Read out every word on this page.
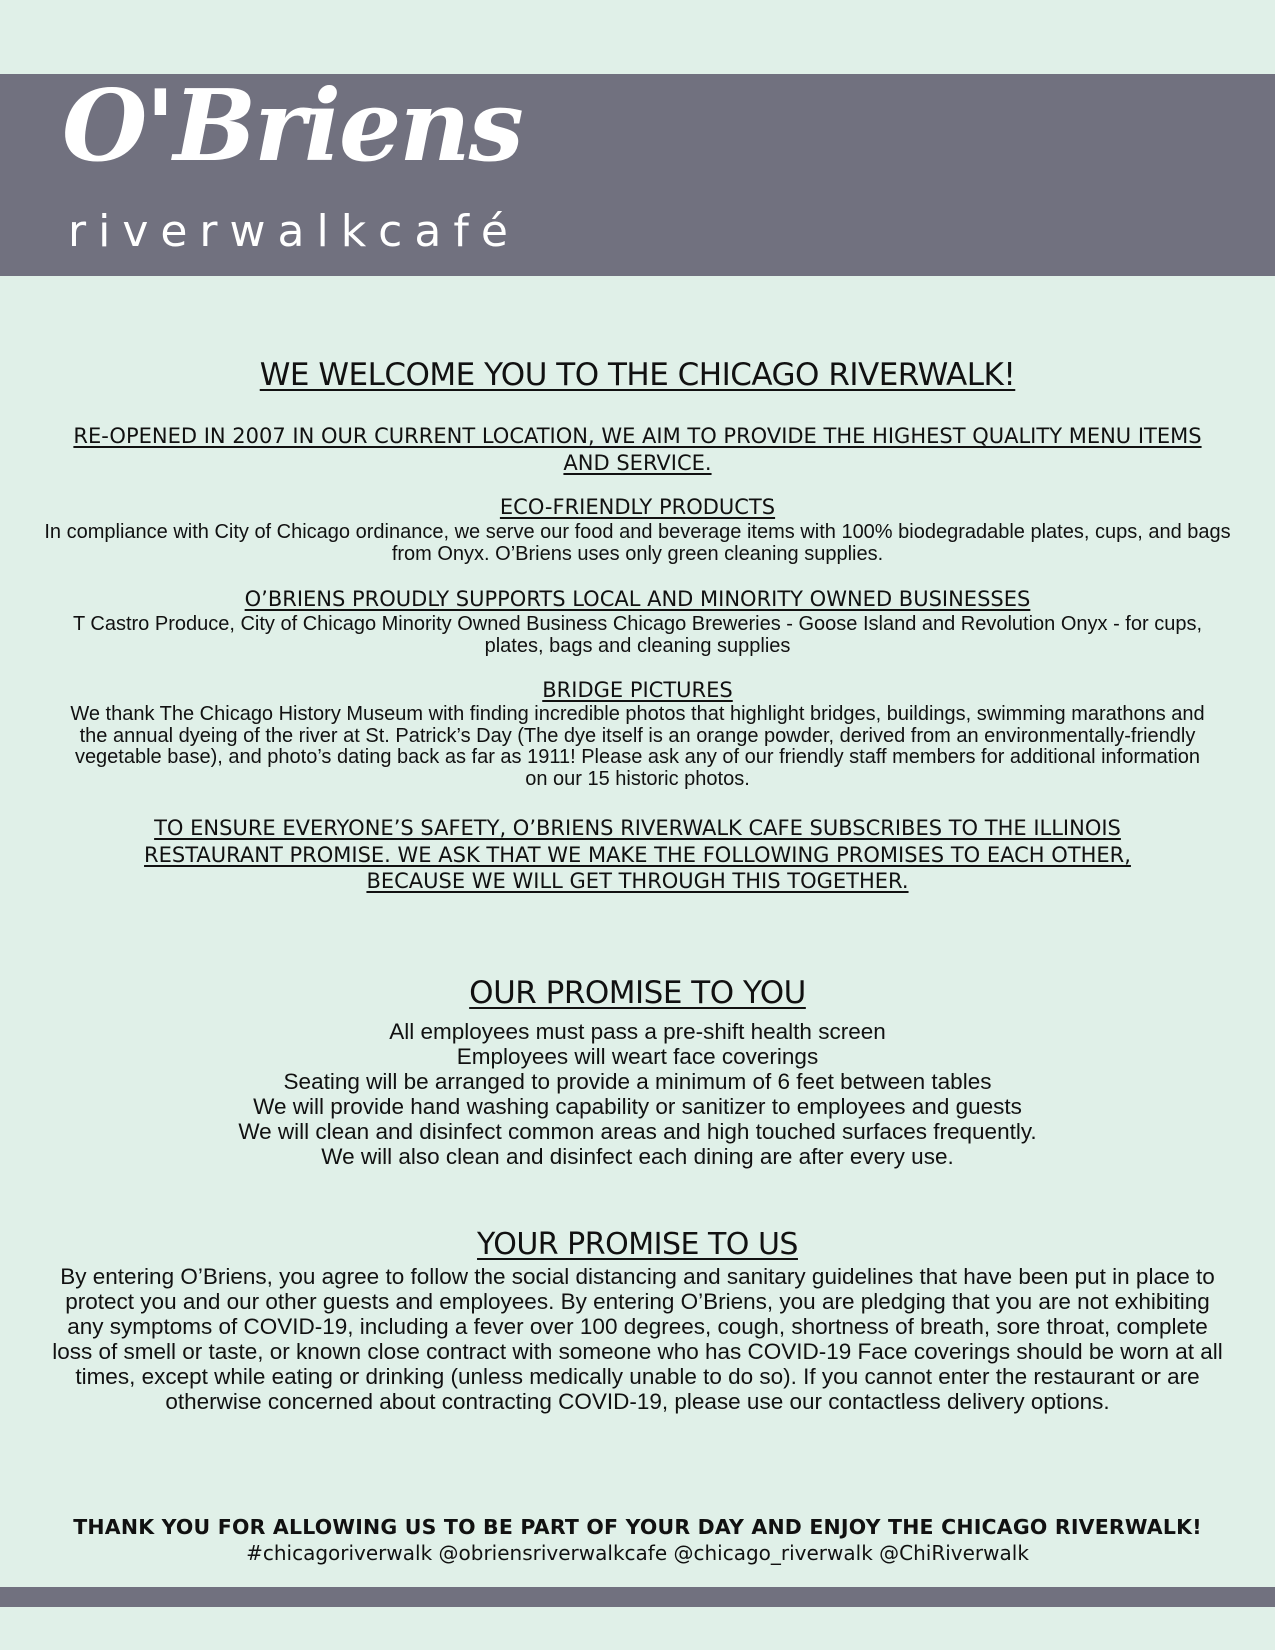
O'Briens
riverwalkcafé
WE WELCOME YOU TO THE CHICAGO RIVERWALK!

RE-OPENED IN 2007 IN OUR CURRENT LOCATION, WE AIM TO PROVIDE THE HIGHEST QUALITY MENU ITEMS AND SERVICE.

ECO-FRIENDLY PRODUCTS

In compliance with City of Chicago ordinance, we serve our food and beverage items with 100% biodegradable plates, cups, and bags from Onyx. O’Briens uses only green cleaning supplies.

O’BRIENS PROUDLY SUPPORTS LOCAL AND MINORITY OWNED BUSINESSES

T Castro Produce, City of Chicago Minority Owned Business Chicago Breweries - Goose Island and Revolution Onyx - for cups, plates, bags and cleaning supplies

BRIDGE PICTURES

We thank The Chicago History Museum with finding incredible photos that highlight bridges, buildings, swimming marathons and the annual dyeing of the river at St. Patrick’s Day (The dye itself is an orange powder, derived from an environmentally-friendly vegetable base), and photo’s dating back as far as 1911! Please ask any of our friendly staff members for additional information on our 15 historic photos.

TO ENSURE EVERYONE’S SAFETY, O’BRIENS RIVERWALK CAFE SUBSCRIBES TO THE ILLINOIS RESTAURANT PROMISE. WE ASK THAT WE MAKE THE FOLLOWING PROMISES TO EACH OTHER, BECAUSE WE WILL GET THROUGH THIS TOGETHER.

OUR PROMISE TO YOU
All employees must pass a pre-shift health screen
Employees will weart face coverings
Seating will be arranged to provide a minimum of 6 feet between tables
We will provide hand washing capability or sanitizer to employees and guests
We will clean and disinfect common areas and high touched surfaces frequently.
We will also clean and disinfect each dining are after every use.
YOUR PROMISE TO US

By entering O’Briens, you agree to follow the social distancing and sanitary guidelines that have been put in place to protect you and our other guests and employees. By entering O’Briens, you are pledging that you are not exhibiting any symptoms of COVID-19, including a fever over 100 degrees, cough, shortness of breath, sore throat, complete loss of smell or taste, or known close contract with someone who has COVID-19 Face coverings should be worn at all times, except while eating or drinking (unless medically unable to do so). If you cannot enter the restaurant or are otherwise concerned about contracting COVID-19, please use our contactless delivery options.

THANK YOU FOR ALLOWING US TO BE PART OF YOUR DAY AND ENJOY THE CHICAGO RIVERWALK!

#chicagoriverwalk @obriensriverwalkcafe @chicago_riverwalk @ChiRiverwalk
